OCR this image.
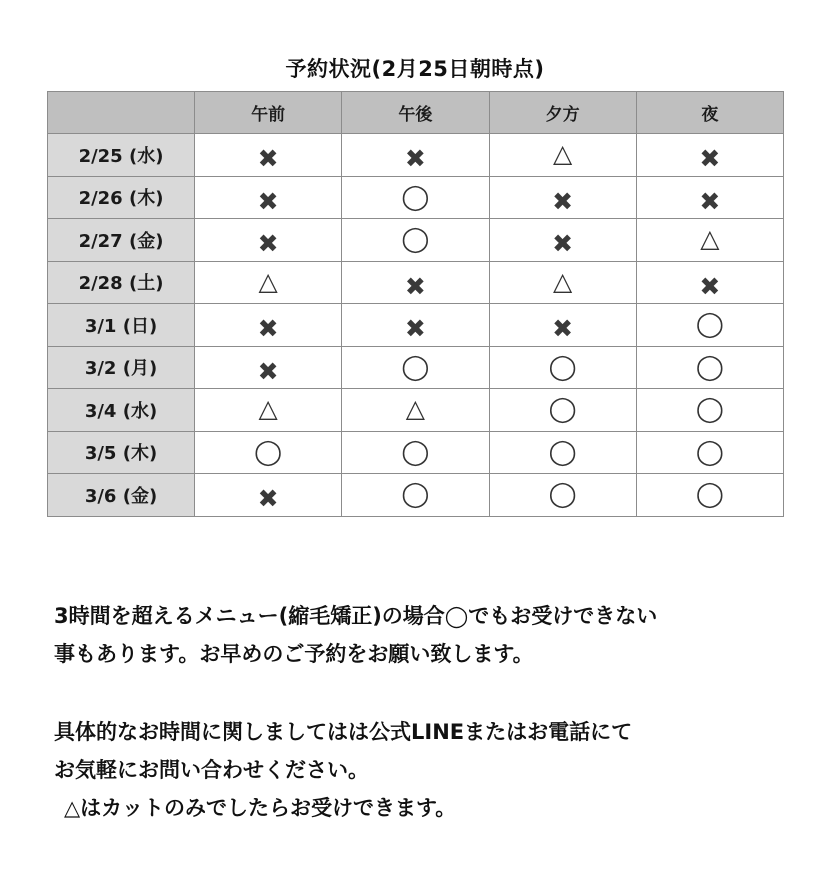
予約状況(2月25日朝時点)
	午前	午後	夕方	夜
2/25 (水)	✖	✖	△	✖
2/26 (木)	✖	◯	✖	✖
2/27 (金)	✖	◯	✖	△
2/28 (土)	△	✖	△	✖
3/1 (日)	✖	✖	✖	◯
3/2 (月)	✖	◯	◯	◯
3/4 (水)	△	△	◯	◯
3/5 (木)	◯	◯	◯	◯
3/6 (金)	✖	◯	◯	◯
3時間を超えるメニュー(縮毛矯正)の場合◯でもお受けできない
事もあります。お早めのご予約をお願い致します。
具体的なお時間に関しましてはは公式LINEまたはお電話にて
お気軽にお問い合わせください。
△はカットのみでしたらお受けできます。
